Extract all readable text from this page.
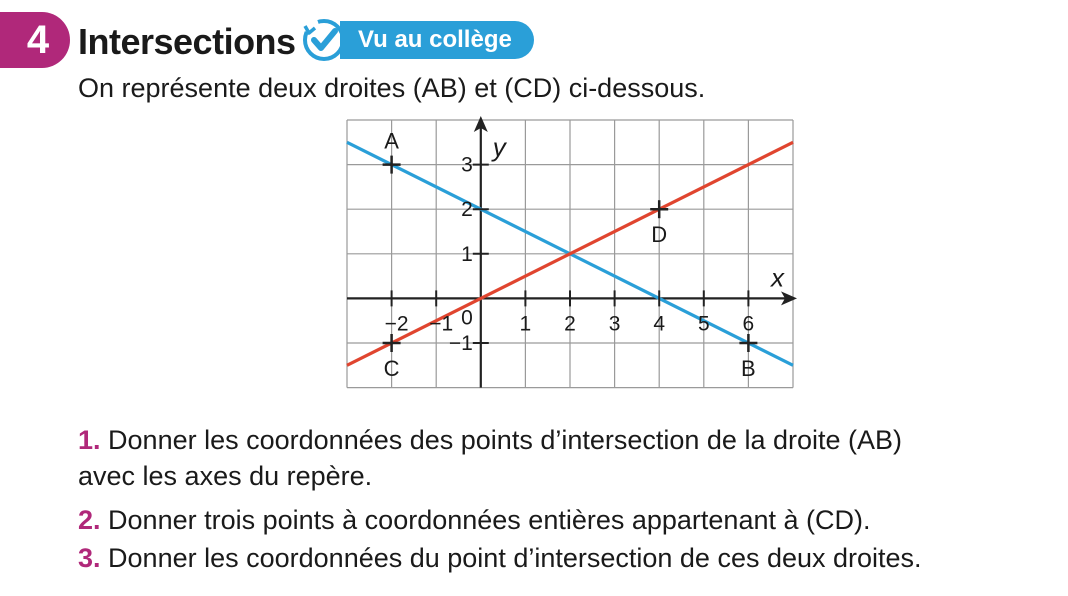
4 Intersections	Vu au collège
On représente deux droites (AB) et (CD) ci-dessous.
−2 −1	1 2 3 4 5 6
3
2
1
−1
0
x
y
A
B
C
D
1. Donner les coordonnées des points d’intersection de la droite (AB)
avec les axes du repère.
2. Donner trois points à coordonnées entières appartenant à (CD).
3. Donner les coordonnées du point d’intersection de ces deux droites.
